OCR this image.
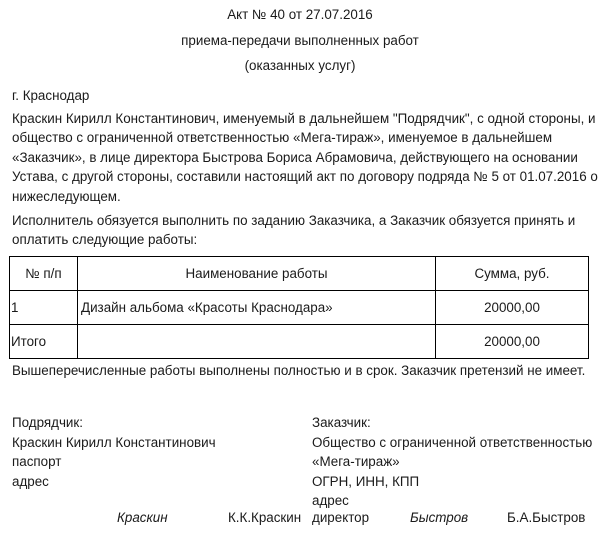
Акт № 40 от 27.07.2016
приема-передачи выполненных работ
(оказанных услуг)
г. Краснодар
Краскин Кирилл Константинович, именуемый в дальнейшем "Подрядчик", с одной стороны, и
общество с ограниченной ответственностью «Мега-тираж», именуемое в дальнейшем
«Заказчик», в лице директора Быстрова Бориса Абрамовича, действующего на основании
Устава, с другой стороны, составили настоящий акт по договору подряда № 5 от 01.07.2016 о
нижеследующем.
Исполнитель обязуется выполнить по заданию Заказчика, а Заказчик обязуется принять и
оплатить следующие работы:
№ п/п	Наименование работы	Сумма, руб.
1	Дизайн альбома «Красоты Краснодара»	20000,00
Итого		20000,00
Вышеперечисленные работы выполнены полностью и в срок. Заказчик претензий не имеет.
Подрядчик:
Краскин Кирилл Константинович
паспорт
адрес
Заказчик:
Общество с ограниченной ответственностью
«Мега-тираж»
ОГРН, ИНН, КПП
адрес
Краскин	К.К.Краскин директор	Быстров	Б.А.Быстров
